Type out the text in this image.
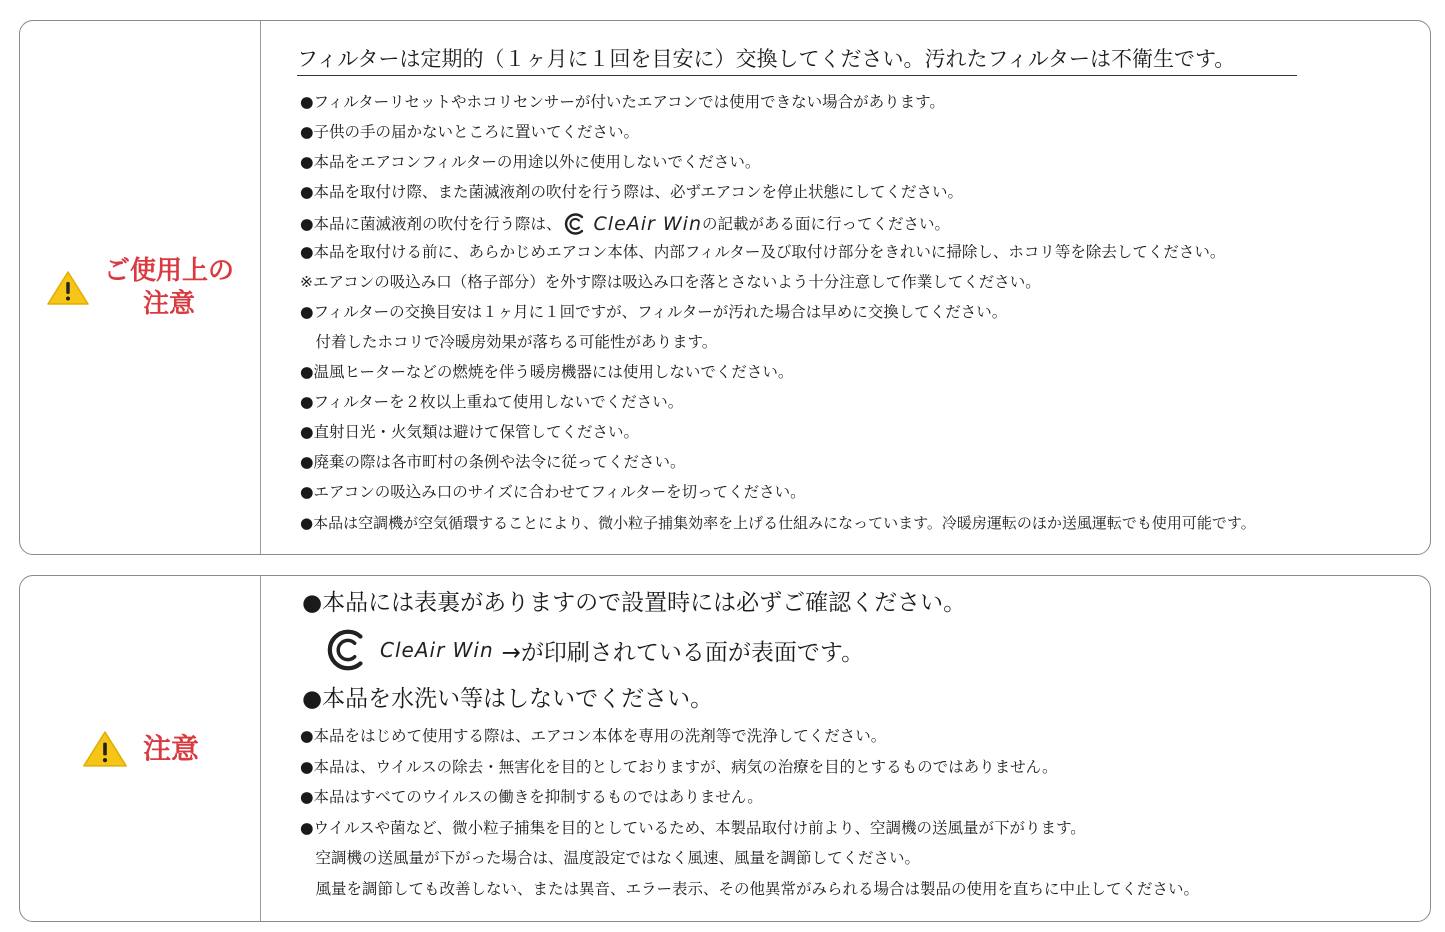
ご使用上の
注意
フィルターは定期的（１ヶ月に１回を目安に）交換してください。汚れたフィルターは不衛生です。
●フィルターリセットやホコリセンサーが付いたエアコンでは使用できない場合があります。
●子供の手の届かないところに置いてください。
●本品をエアコンフィルターの用途以外に使用しないでください。
●本品を取付け際、また菌滅液剤の吹付を行う際は、必ずエアコンを停止状態にしてください。
●本品に菌滅液剤の吹付を行う際は、 CleAir Win の記載がある面に行ってください。
●本品を取付ける前に、あらかじめエアコン本体、内部フィルター及び取付け部分をきれいに掃除し、ホコリ等を除去してください。
※エアコンの吸込み口（格子部分）を外す際は吸込み口を落とさないよう十分注意して作業してください。
●フィルターの交換目安は１ヶ月に１回ですが、フィルターが汚れた場合は早めに交換してください。
　付着したホコリで冷暖房効果が落ちる可能性があります。
●温風ヒーターなどの燃焼を伴う暖房機器には使用しないでください。
●フィルターを２枚以上重ねて使用しないでください。
●直射日光・火気類は避けて保管してください。
●廃棄の際は各市町村の条例や法令に従ってください。
●エアコンの吸込み口のサイズに合わせてフィルターを切ってください。
●本品は空調機が空気循環することにより、微小粒子捕集効率を上げる仕組みになっています。冷暖房運転のほか送風運転でも使用可能です。
注意
●本品には表裏がありますので設置時には必ずご確認ください。
CleAir Win →が印刷されている面が表面です。
●本品を水洗い等はしないでください。
●本品をはじめて使用する際は、エアコン本体を専用の洗剤等で洗浄してください。
●本品は、ウイルスの除去・無害化を目的としておりますが、病気の治療を目的とするものではありません。
●本品はすべてのウイルスの働きを抑制するものではありません。
●ウイルスや菌など、微小粒子捕集を目的としているため、本製品取付け前より、空調機の送風量が下がります。
　空調機の送風量が下がった場合は、温度設定ではなく風速、風量を調節してください。
　風量を調節しても改善しない、または異音、エラー表示、その他異常がみられる場合は製品の使用を直ちに中止してください。
